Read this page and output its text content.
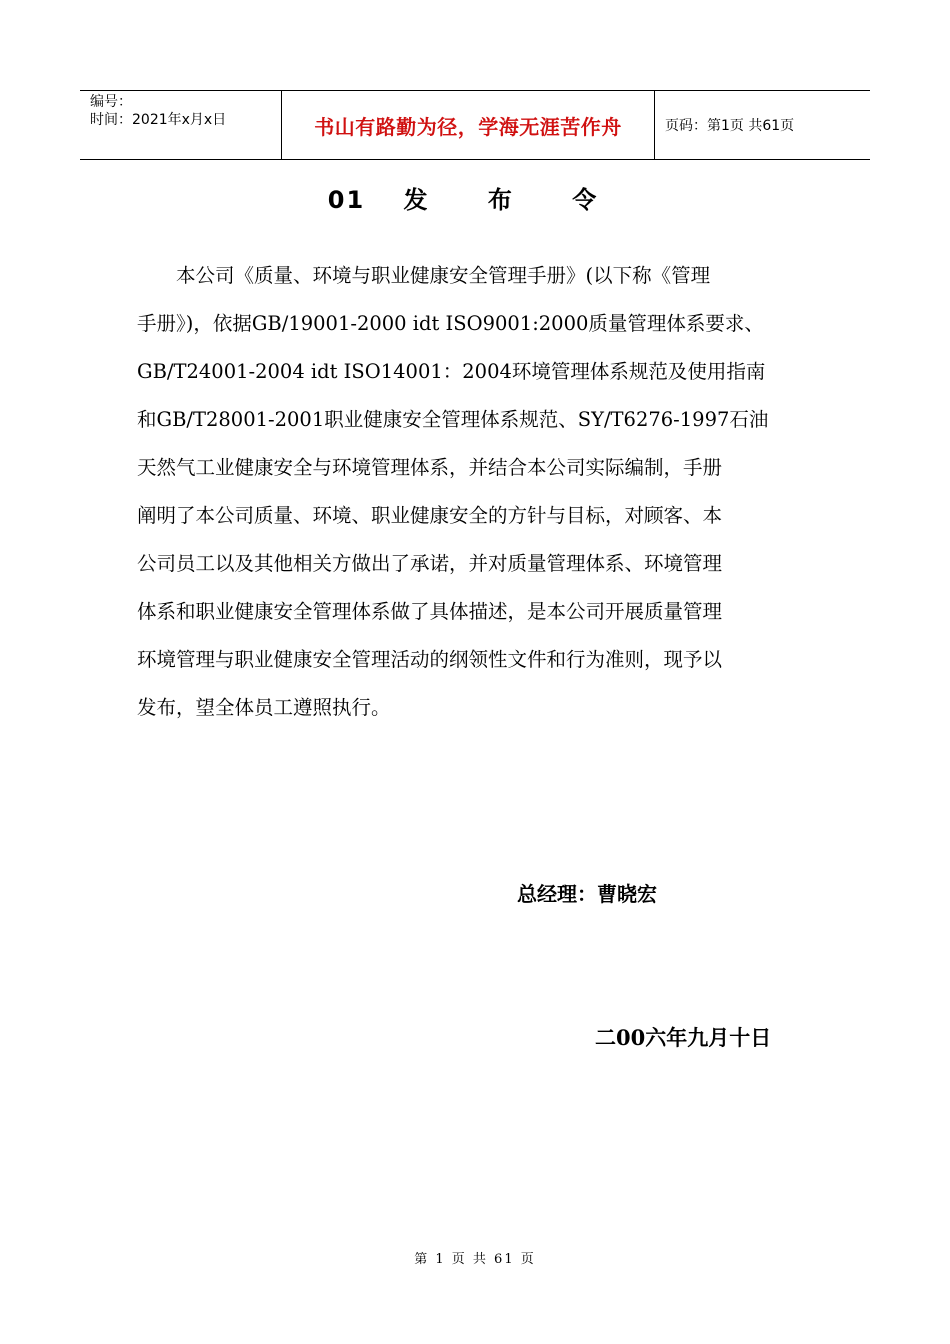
编号：
时间：2021年x月x日	书山有路勤为径，学海无涯苦作舟	页码：第1页 共61页
01 发 布 令
　　本公司《质量、环境与职业健康安全管理手册》(以下称《管理
手册》)，依据GB/19001-2000 idt ISO9001:2000质量管理体系要求、
GB/T24001-2004 idt ISO14001：2004环境管理体系规范及使用指南
和GB/T28001-2001职业健康安全管理体系规范、SY/T6276-1997石油
天然气工业健康安全与环境管理体系，并结合本公司实际编制，手册
阐明了本公司质量、环境、职业健康安全的方针与目标，对顾客、本
公司员工以及其他相关方做出了承诺，并对质量管理体系、环境管理
体系和职业健康安全管理体系做了具体描述，是本公司开展质量管理
环境管理与职业健康安全管理活动的纲领性文件和行为准则，现予以
发布，望全体员工遵照执行。
总经理：曹晓宏
二00六年九月十日
第 1 页 共 61 页
